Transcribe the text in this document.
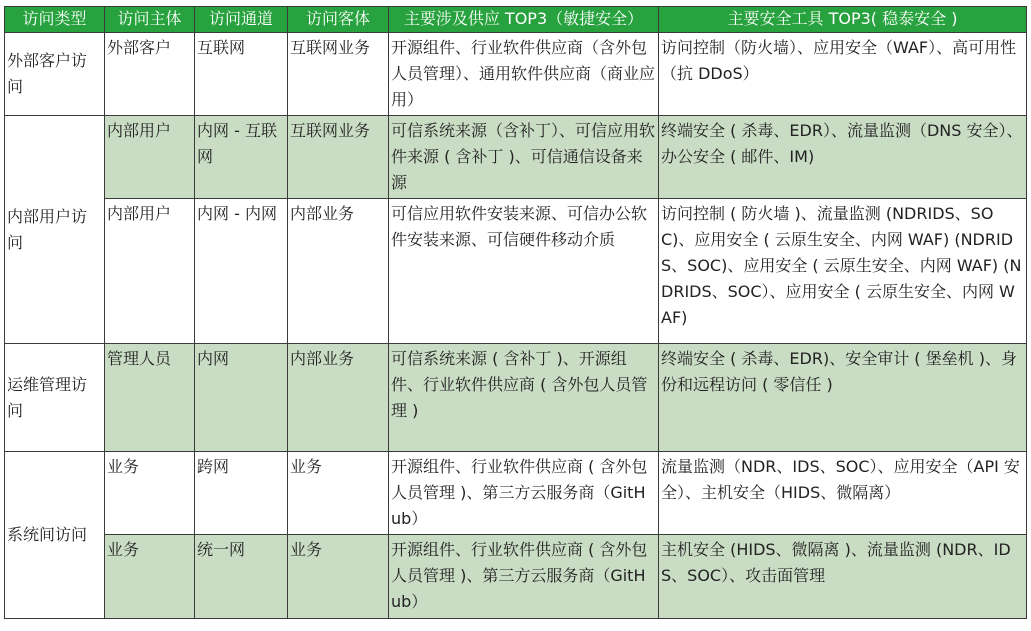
访问类型	访问主体	访问通道	访问客体	主要涉及供应 TOP3（敏捷安全）	主要安全工具 TOP3( 稳泰安全 )
外部客户访问	外部客户	互联网	互联网业务	开源组件、行业软件供应商（含外包人员管理）、通用软件供应商（商业应用）	访问控制（防火墙）、应用安全（WAF）、高可用性（抗 DDoS）
内部用户访问	内部用户	内网 - 互联网	互联网业务	可信系统来源（含补丁）、可信应用软件来源 ( 含补丁 )、可信通信设备来源	终端安全 ( 杀毒、EDR）、流量监测（DNS 安全）、办公安全 ( 邮件、IM)
	内部用户	内网 - 内网	内部业务	可信应用软件安装来源、可信办公软件安装来源、可信硬件移动介质	访问控制 ( 防火墙 )、流量监测 (NDRIDS、SOC)、应用安全 ( 云原生安全、内网 WAF) (NDRIDS、SOC)、应用安全 ( 云原生安全、内网 WAF) (NDRIDS、SOC）、应用安全 ( 云原生安全、内网 WAF)
运维管理访问	管理人员	内网	内部业务	可信系统来源 ( 含补丁 )、开源组件、行业软件供应商 ( 含外包人员管理 )	终端安全 ( 杀毒、EDR)、安全审计 ( 堡垒机 )、身份和远程访问 ( 零信任 )
系统间访问	业务	跨网	业务	开源组件、行业软件供应商 ( 含外包人员管理 )、第三方云服务商（GitHub）	流量监测（NDR、IDS、SOC）、应用安全（API 安全）、主机安全（HIDS、微隔离）
	业务	统一网	业务	开源组件、行业软件供应商 ( 含外包人员管理 )、第三方云服务商（GitHub）	主机安全 (HIDS、微隔离 )、流量监测 (NDR、IDS、SOC）、攻击面管理
